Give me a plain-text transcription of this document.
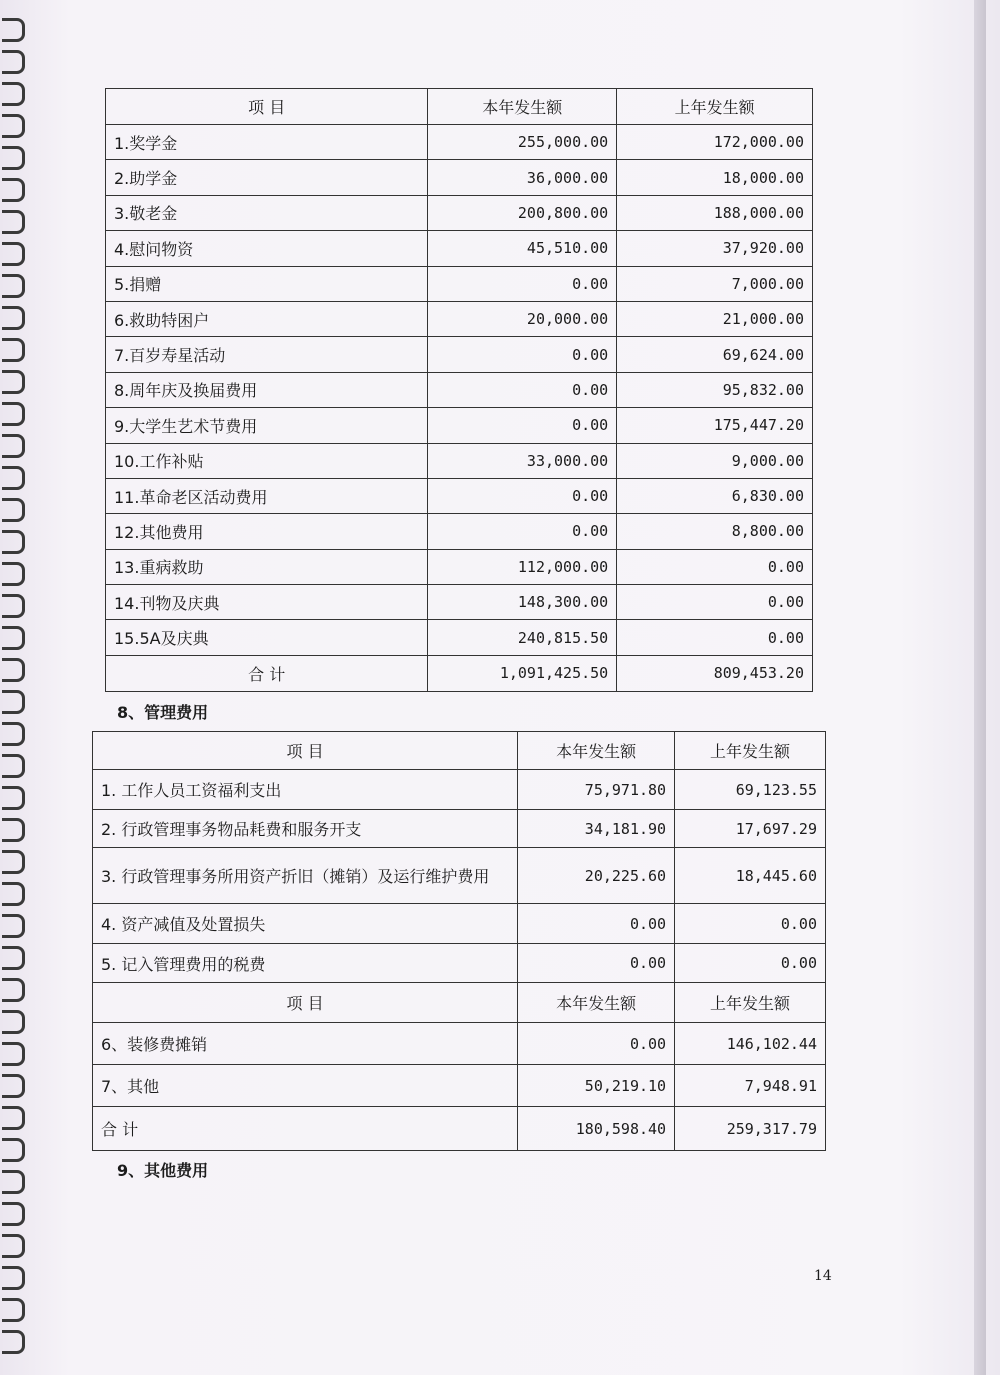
项 目	本年发生额	上年发生额
1.奖学金	255,000.00	172,000.00
2.助学金	36,000.00	18,000.00
3.敬老金	200,800.00	188,000.00
4.慰问物资	45,510.00	37,920.00
5.捐赠	0.00	7,000.00
6.救助特困户	20,000.00	21,000.00
7.百岁寿星活动	0.00	69,624.00
8.周年庆及换届费用	0.00	95,832.00
9.大学生艺术节费用	0.00	175,447.20
10.工作补贴	33,000.00	9,000.00
11.革命老区活动费用	0.00	6,830.00
12.其他费用	0.00	8,800.00
13.重病救助	112,000.00	0.00
14.刊物及庆典	148,300.00	0.00
15.5A及庆典	240,815.50	0.00
合 计	1,091,425.50	809,453.20
8、管理费用
项 目	本年发生额	上年发生额
1. 工作人员工资福利支出	75,971.80	69,123.55
2. 行政管理事务物品耗费和服务开支	34,181.90	17,697.29
3. 行政管理事务所用资产折旧（摊销）及运行维护费用	20,225.60	18,445.60
4. 资产减值及处置损失	0.00	0.00
5. 记入管理费用的税费	0.00	0.00
项 目	本年发生额	上年发生额
6、装修费摊销	0.00	146,102.44
7、其他	50,219.10	7,948.91
合 计	180,598.40	259,317.79
9、其他费用
14
